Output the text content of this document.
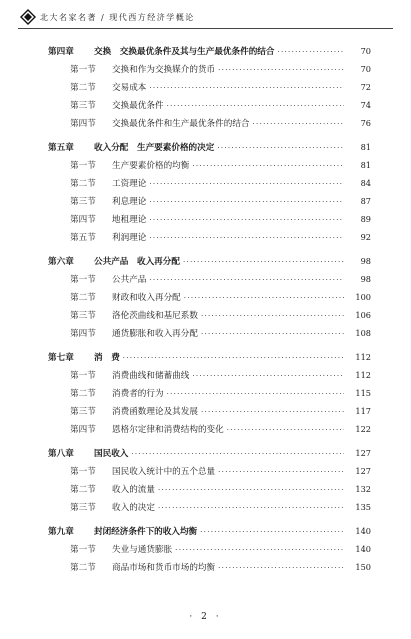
北大名家名著 / 现代西方经济学概论
第四章	交换　交换最优条件及其与生产最优条件的结合 ·····	70
第一节	交换和作为交换媒介的货币 ·····	70
第二节	交易成本 ·····	72
第三节	交换最优条件 ·····	74
第四节	交换最优条件和生产最优条件的结合 ·····	76
第五章	收入分配　生产要素价格的决定 ·····	81
第一节	生产要素价格的均衡 ·····	81
第二节	工资理论 ·····	84
第三节	利息理论 ·····	87
第四节	地租理论 ·····	89
第五节	利润理论 ·····	92
第六章	公共产品　收入再分配 ·····	98
第一节	公共产品 ·····	98
第二节	财政和收入再分配 ·····	100
第三节	洛伦茨曲线和基尼系数 ·····	106
第四节	通货膨胀和收入再分配 ·····	108
第七章	消　费 ·····	112
第一节	消费曲线和储蓄曲线 ·····	112
第二节	消费者的行为 ·····	115
第三节	消费函数理论及其发展 ·····	117
第四节	恩格尔定律和消费结构的变化 ·····	122
第八章	国民收入 ·····	127
第一节	国民收入统计中的五个总量 ·····	127
第二节	收入的流量 ·····	132
第三节	收入的决定 ·····	135
第九章	封闭经济条件下的收入均衡 ·····	140
第一节	失业与通货膨胀 ·····	140
第二节	商品市场和货币市场的均衡 ·····	150
· 2 ·
